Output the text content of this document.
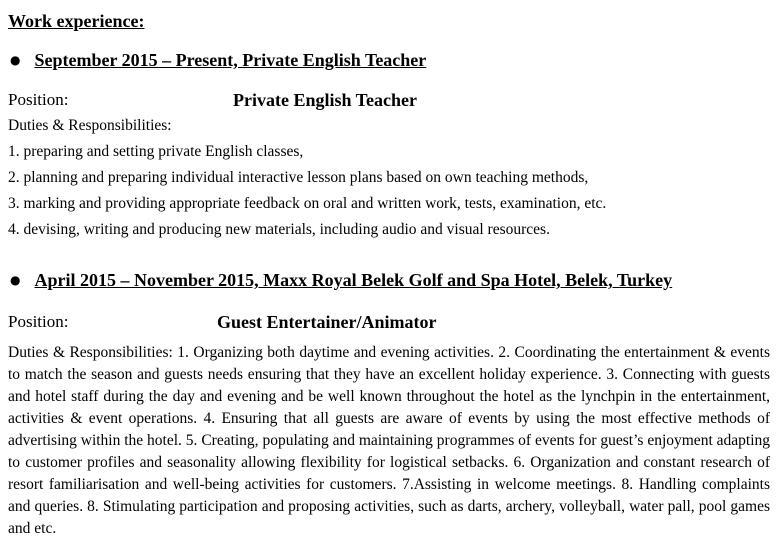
Work experience:
● September 2015 – Present, Private English Teacher
Position:	Private English Teacher
Duties & Responsibilities:
1. preparing and setting private English classes,
2. planning and preparing individual interactive lesson plans based on own teaching methods,
3. marking and providing appropriate feedback on oral and written work, tests, examination, etc.
4. devising, writing and producing new materials, including audio and visual resources.
● April 2015 – November 2015, Maxx Royal Belek Golf and Spa Hotel, Belek, Turkey
Position:	Guest Entertainer/Animator
Duties & Responsibilities: 1. Organizing both daytime and evening activities. 2. Coordinating the entertainment & events to match the season and guests needs ensuring that they have an excellent holiday experience. 3. Connecting with guests and hotel staff during the day and evening and be well known throughout the hotel as the lynchpin in the entertainment, activities & event operations. 4. Ensuring that all guests are aware of events by using the most effective methods of advertising within the hotel. 5. Creating, populating and maintaining programmes of events for guest’s enjoyment adapting to customer profiles and seasonality allowing flexibility for logistical setbacks. 6. Organization and constant research of resort familiarisation and well-being activities for customers. 7.Assisting in welcome meetings. 8. Handling complaints and queries. 8. Stimulating participation and proposing activities, such as darts, archery, volleyball, water pall, pool games and etc.
